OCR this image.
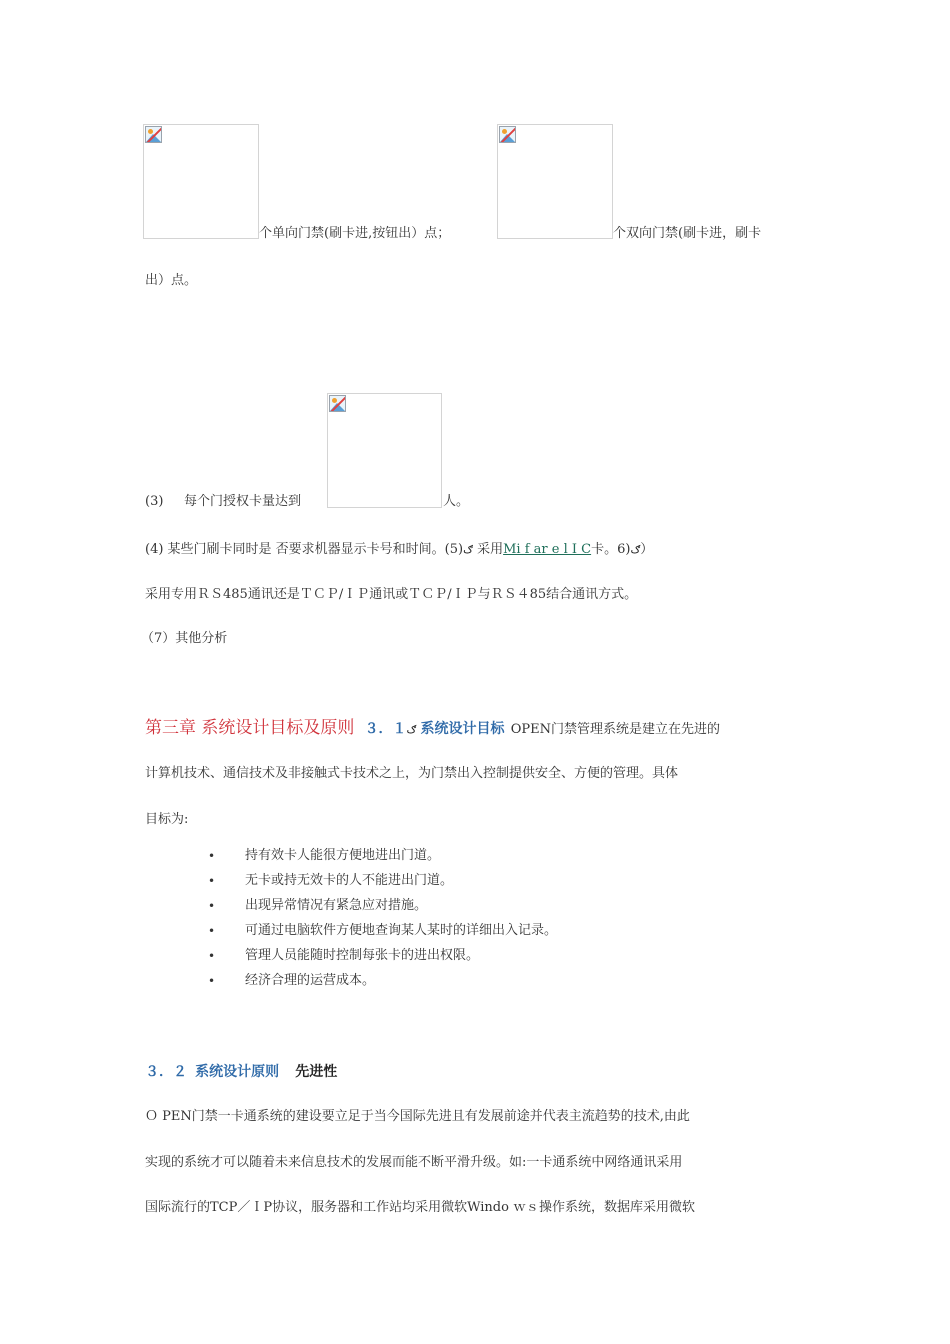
个单向门禁(刷卡进,按钮出）点；	个双向门禁(刷卡进，刷卡
出）点。
(3) 每个门授权卡量达到	人。
(4) 某些门刷卡同时是 否要求机器显示卡号和时间。(5)ګ 采用Mi f ar e l I C卡。6)ګ）
采用专用ＲＳ485通讯还是ＴＣＰ/ＩＰ通讯或ＴＣＰ/ＩＰ与ＲＳ４85结合通讯方式。
（7）其他分析
第三章 系统设计目标及原则 ３．１ګ 系统设计目标 OPEN门禁管理系统是建立在先进的
计算机技术、通信技术及非接触式卡技术之上，为门禁出入控制提供安全、方便的管理。具体
目标为:
• 持有效卡人能很方便地进出门道。
• 无卡或持无效卡的人不能进出门道。
• 出现异常情况有紧急应对措施。
• 可通过电脑软件方便地查询某人某时的详细出入记录。
• 管理人员能随时控制每张卡的进出权限。
• 经济合理的运营成本。
３．２ 系统设计原则 先进性
Ｏ PEN门禁一卡通系统的建设要立足于当今国际先进且有发展前途并代表主流趋势的技术,由此
实现的系统才可以随着未来信息技术的发展而能不断平滑升级。如:一卡通系统中网络通讯采用
国际流行的TCP／ＩP协议，服务器和工作站均采用微软Windo ｗｓ操作系统，数据库采用微软
